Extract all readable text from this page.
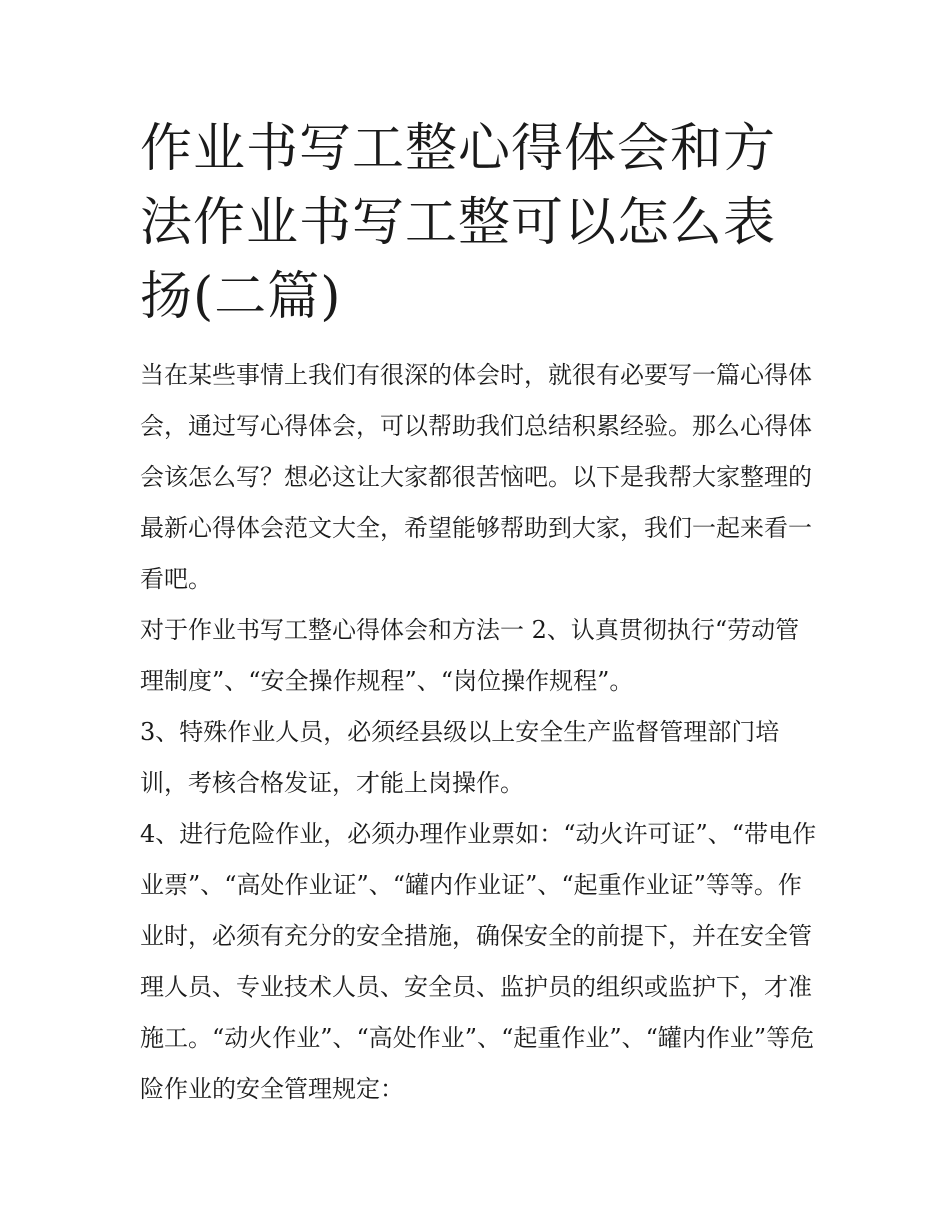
作业书写工整心得体会和方法作业书写工整可以怎么表扬(二篇)

当在某些事情上我们有很深的体会时，就很有必要写一篇心得体会，通过写心得体会，可以帮助我们总结积累经验。那么心得体会该怎么写？想必这让大家都很苦恼吧。以下是我帮大家整理的最新心得体会范文大全，希望能够帮助到大家，我们一起来看一看吧。

对于作业书写工整心得体会和方法一 2、认真贯彻执行“劳动管理制度”、“安全操作规程”、“岗位操作规程”。

3、特殊作业人员，必须经县级以上安全生产监督管理部门培训，考核合格发证，才能上岗操作。

4、进行危险作业，必须办理作业票如：“动火许可证”、“带电作业票”、“高处作业证”、“罐内作业证”、“起重作业证”等等。作业时，必须有充分的安全措施，确保安全的前提下，并在安全管理人员、专业技术人员、安全员、监护员的组织或监护下，才准施工。“动火作业”、“高处作业”、“起重作业”、“罐内作业”等危险作业的安全管理规定：
